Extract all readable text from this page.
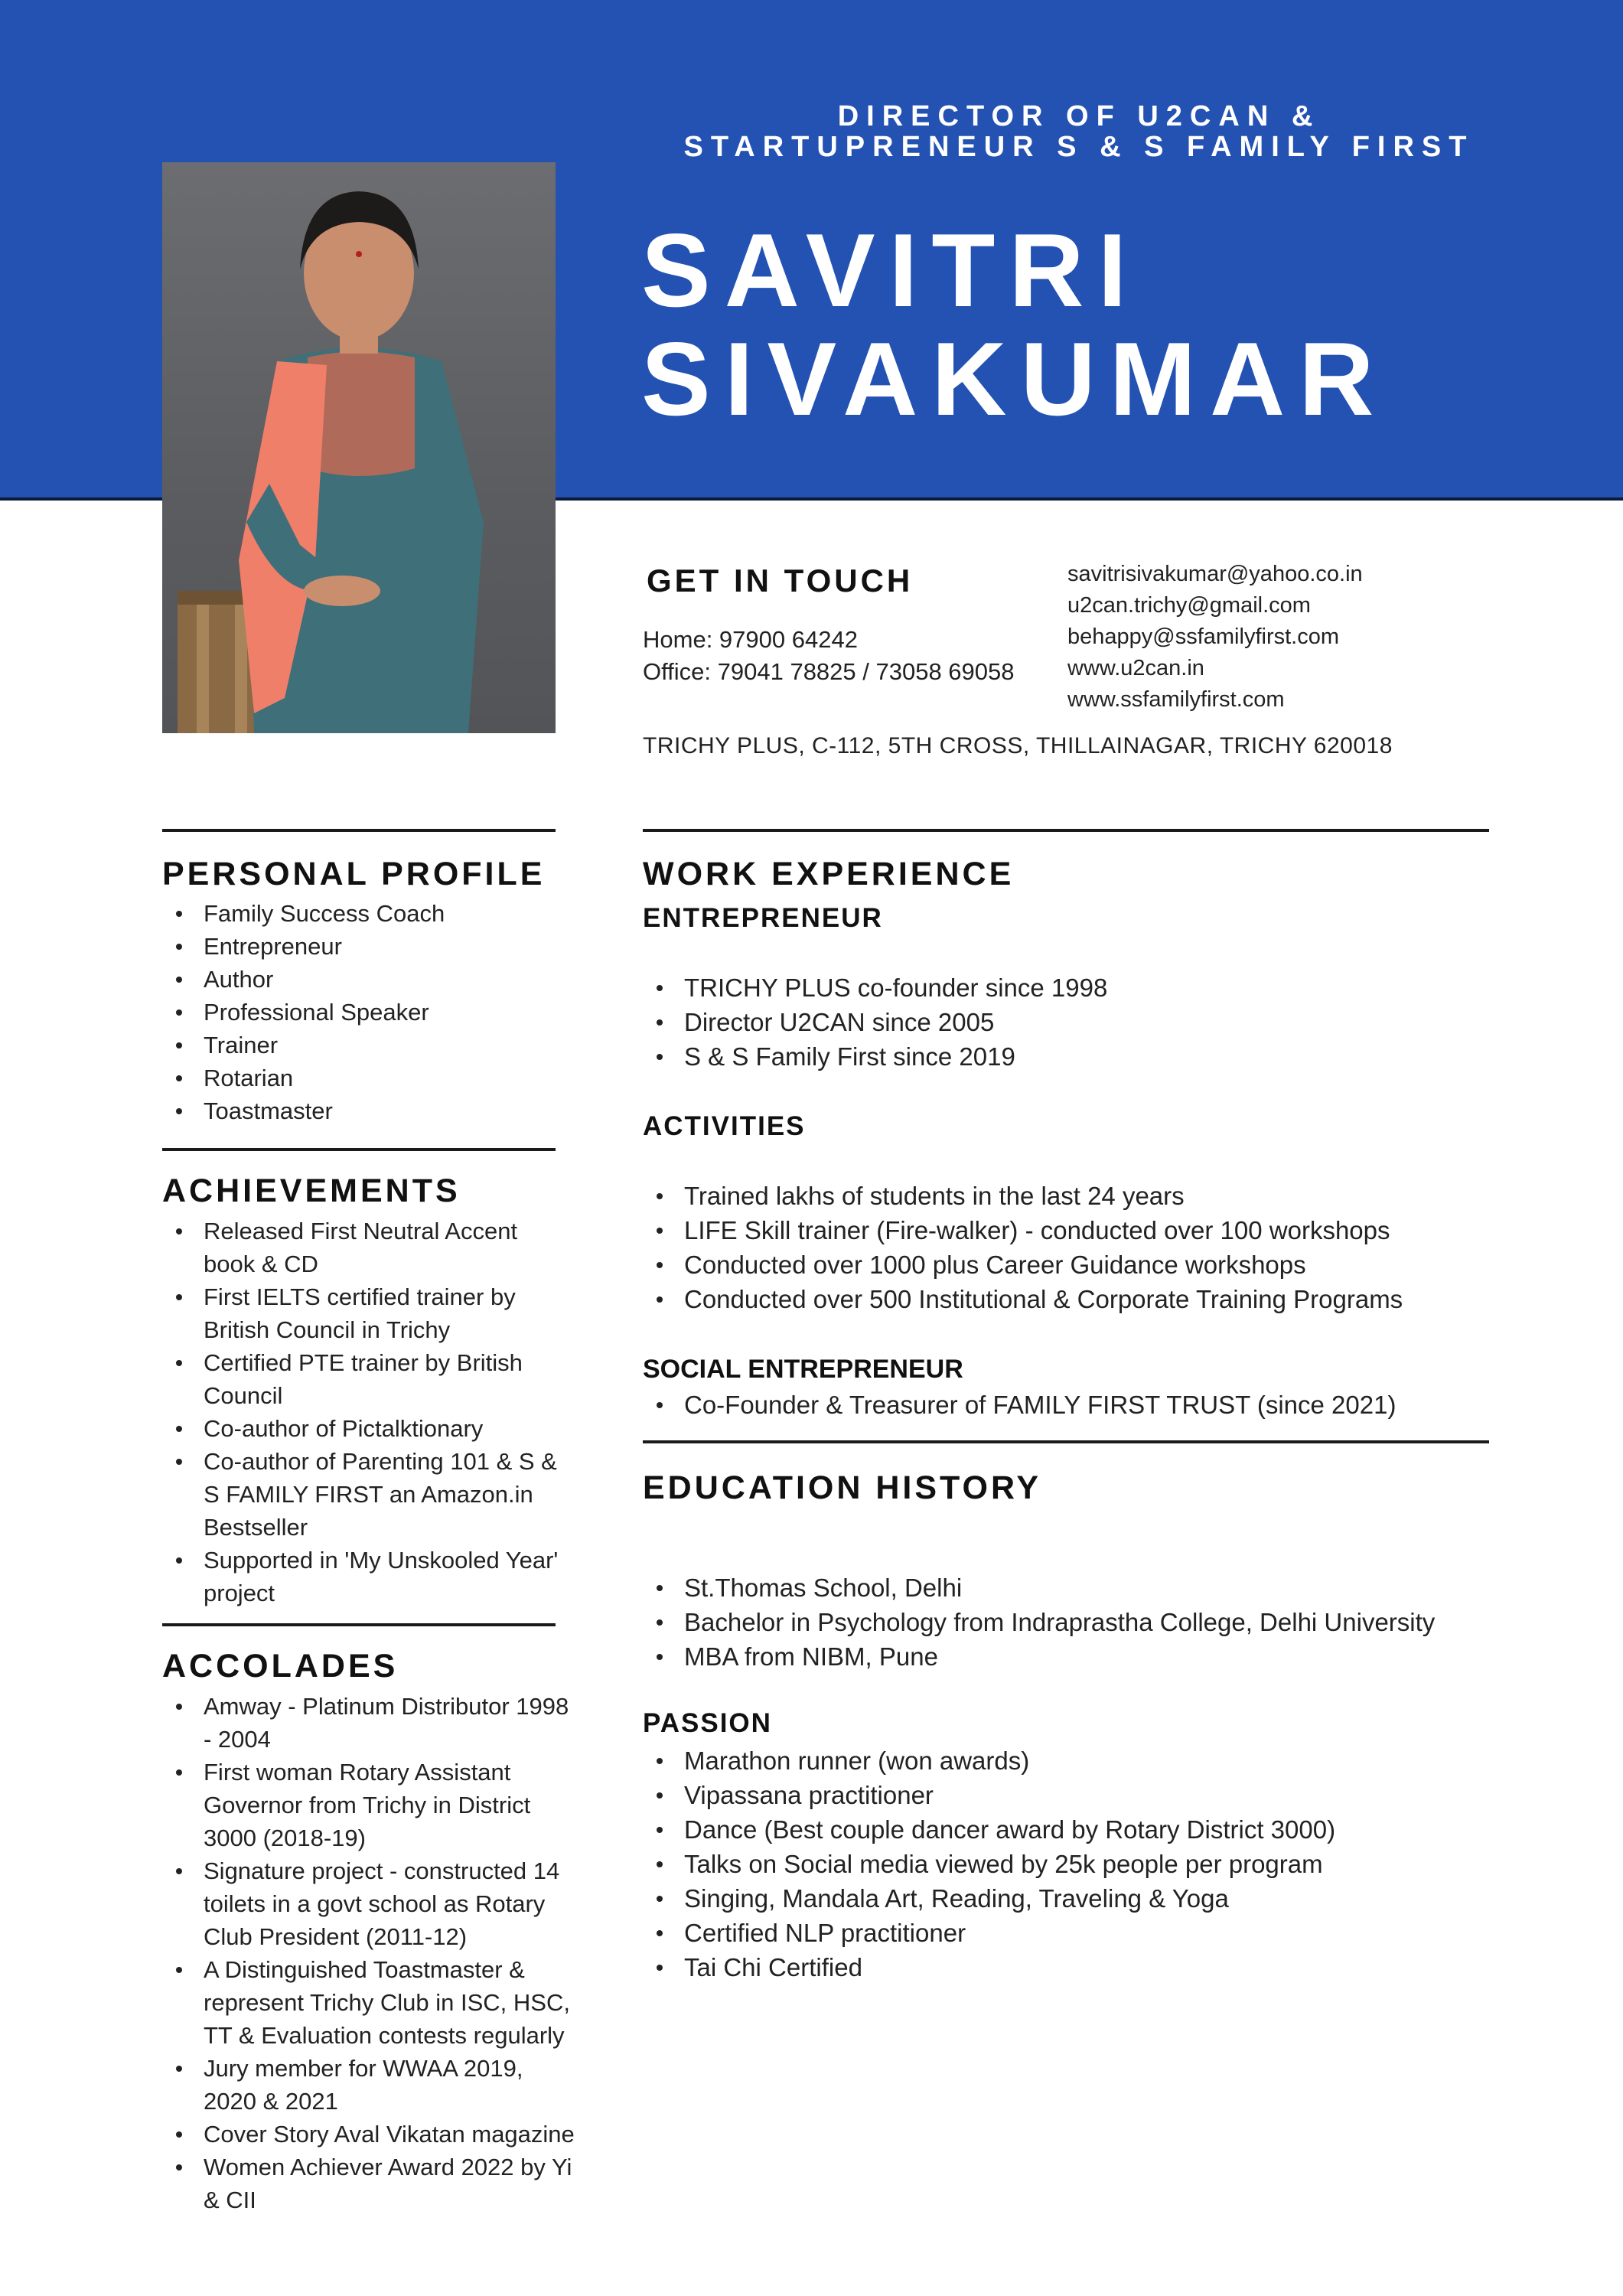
DIRECTOR OF U2CAN &
STARTUPRENEUR S & S FAMILY FIRST
SAVITRI
SIVAKUMAR
GET IN TOUCH
Home: 97900 64242
Office: 79041 78825 / 73058 69058
savitrisivakumar@yahoo.co.in
u2can.trichy@gmail.com
behappy@ssfamilyfirst.com
www.u2can.in
www.ssfamilyfirst.com
TRICHY PLUS, C-112, 5TH CROSS, THILLAINAGAR, TRICHY 620018
PERSONAL PROFILE
Family Success Coach
Entrepreneur
Author
Professional Speaker
Trainer
Rotarian
Toastmaster
ACHIEVEMENTS
Released First Neutral Accent book & CD
First IELTS certified trainer by British Council in Trichy
Certified PTE trainer by British Council
Co-author of Pictalktionary
Co-author of Parenting 101 & S & S FAMILY FIRST an Amazon.in Bestseller
Supported in 'My Unskooled Year' project
ACCOLADES
Amway - Platinum Distributor 1998 - 2004
First woman Rotary Assistant Governor from Trichy in District 3000 (2018-19)
Signature project - constructed 14 toilets in a govt school as Rotary Club President (2011-12)
A Distinguished Toastmaster & represent Trichy Club in ISC, HSC, TT & Evaluation contests regularly
Jury member for WWAA 2019, 2020 & 2021
Cover Story Aval Vikatan magazine
Women Achiever Award 2022 by Yi & CII
WORK EXPERIENCE
ENTREPRENEUR
TRICHY PLUS co-founder since 1998
Director U2CAN since 2005
S & S Family First since 2019
ACTIVITIES
Trained lakhs of students in the last 24 years
LIFE Skill trainer (Fire-walker) - conducted over 100 workshops
Conducted over 1000 plus Career Guidance workshops
Conducted over 500 Institutional & Corporate Training Programs
SOCIAL ENTREPRENEUR
Co-Founder & Treasurer of FAMILY FIRST TRUST (since 2021)
EDUCATION HISTORY
St.Thomas School, Delhi
Bachelor in Psychology from Indraprastha College, Delhi University
MBA from NIBM, Pune
PASSION
Marathon runner (won awards)
Vipassana practitioner
Dance (Best couple dancer award by Rotary District 3000)
Talks on Social media viewed by 25k people per program
Singing, Mandala Art, Reading, Traveling & Yoga
Certified NLP practitioner
Tai Chi Certified
